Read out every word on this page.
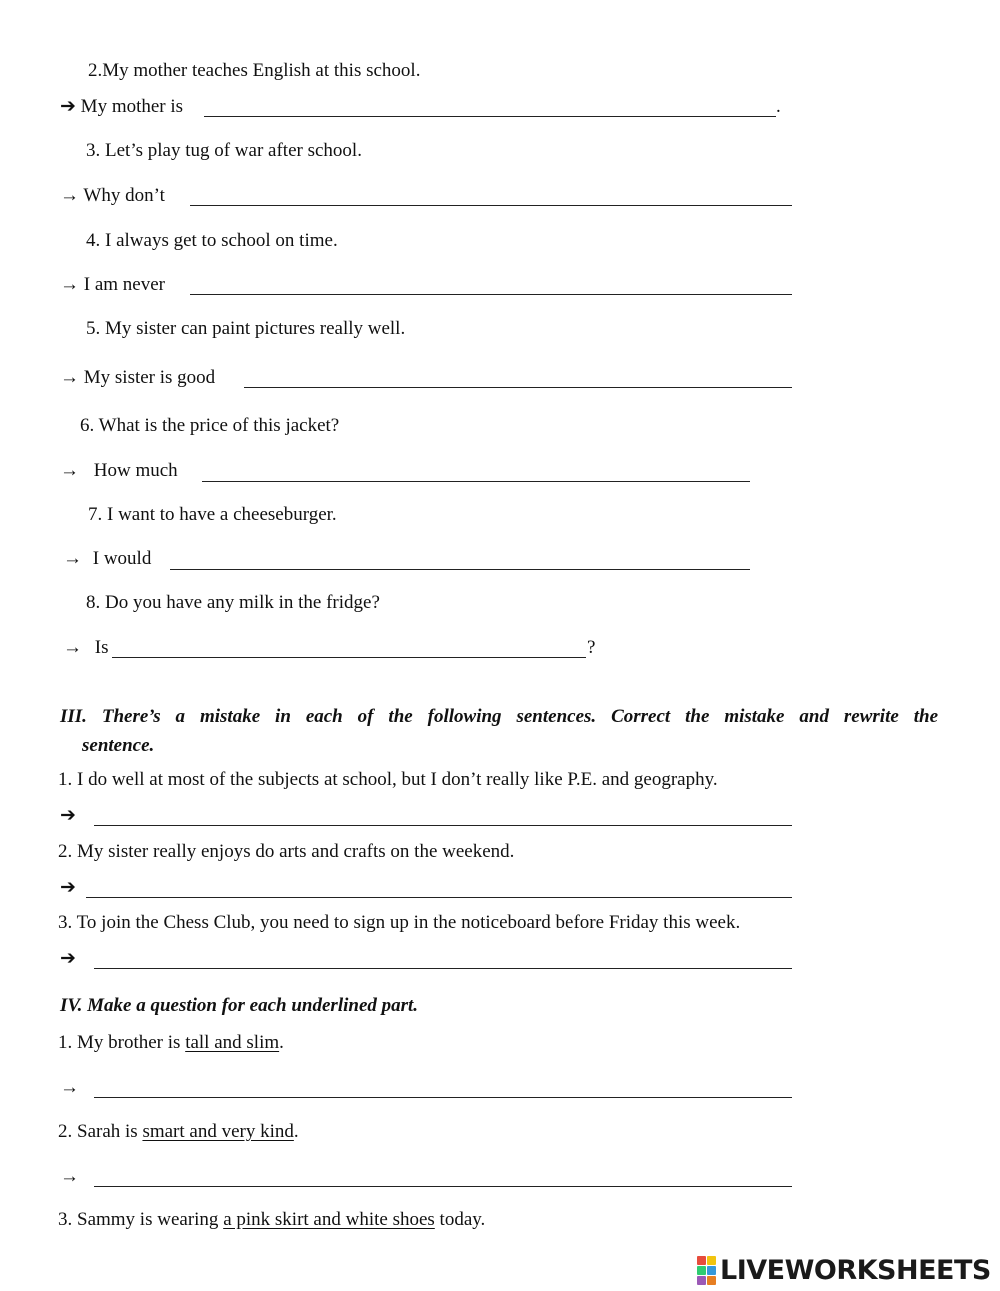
2.My mother teaches English at this school.
➔ My mother is	.
3. Let’s play tug of war after school.
→ Why don’t
4. I always get to school on time.
→ I am never
5. My sister can paint pictures really well.
→ My sister is good
6. What is the price of this jacket?
→ How much
7. I want to have a cheeseburger.
→ I would
8. Do you have any milk in the fridge?
→ Is	?
III. There’s a mistake in each of the following sentences. Correct the mistake and rewrite the
sentence.
1. I do well at most of the subjects at school, but I don’t really like P.E. and geography.
➔
2. My sister really enjoys do arts and crafts on the weekend.
➔
3. To join the Chess Club, you need to sign up in the noticeboard before Friday this week.
➔
IV. Make a question for each underlined part.
1. My brother is tall and slim.
→
2. Sarah is smart and very kind.
→
3. Sammy is wearing a pink skirt and white shoes today.
LIVEWORKSHEETS
